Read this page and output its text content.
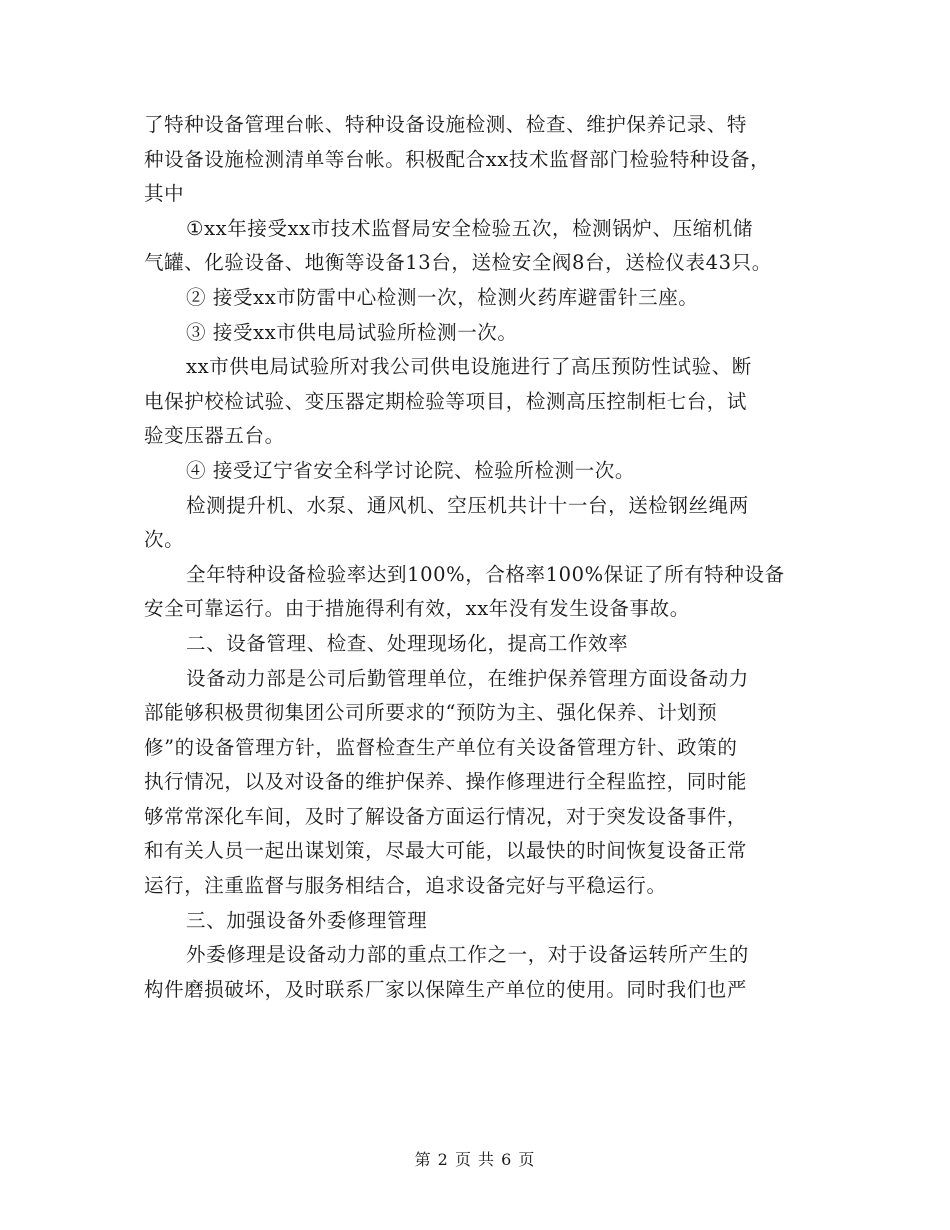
了特种设备管理台帐、特种设备设施检测、检查、维护保养记录、特
种设备设施检测清单等台帐。积极配合xx技术监督部门检验特种设备，
其中
①xx年接受xx市技术监督局安全检验五次，检测锅炉、压缩机储
气罐、化验设备、地衡等设备13台，送检安全阀8台，送检仪表43只。
② 接受xx市防雷中心检测一次，检测火药库避雷针三座。
③ 接受xx市供电局试验所检测一次。
xx市供电局试验所对我公司供电设施进行了高压预防性试验、断
电保护校检试验、变压器定期检验等项目，检测高压控制柜七台，试
验变压器五台。
④ 接受辽宁省安全科学讨论院、检验所检测一次。
检测提升机、水泵、通风机、空压机共计十一台，送检钢丝绳两
次。
全年特种设备检验率达到100%，合格率100%保证了所有特种设备
安全可靠运行。由于措施得利有效，xx年没有发生设备事故。
二、设备管理、检查、处理现场化，提高工作效率
设备动力部是公司后勤管理单位，在维护保养管理方面设备动力
部能够积极贯彻集团公司所要求的“预防为主、强化保养、计划预
修”的设备管理方针，监督检查生产单位有关设备管理方针、政策的
执行情况，以及对设备的维护保养、操作修理进行全程监控，同时能
够常常深化车间，及时了解设备方面运行情况，对于突发设备事件，
和有关人员一起出谋划策，尽最大可能，以最快的时间恢复设备正常
运行，注重监督与服务相结合，追求设备完好与平稳运行。
三、加强设备外委修理管理
外委修理是设备动力部的重点工作之一，对于设备运转所产生的
构件磨损破坏，及时联系厂家以保障生产单位的使用。同时我们也严
第 2 页 共 6 页
